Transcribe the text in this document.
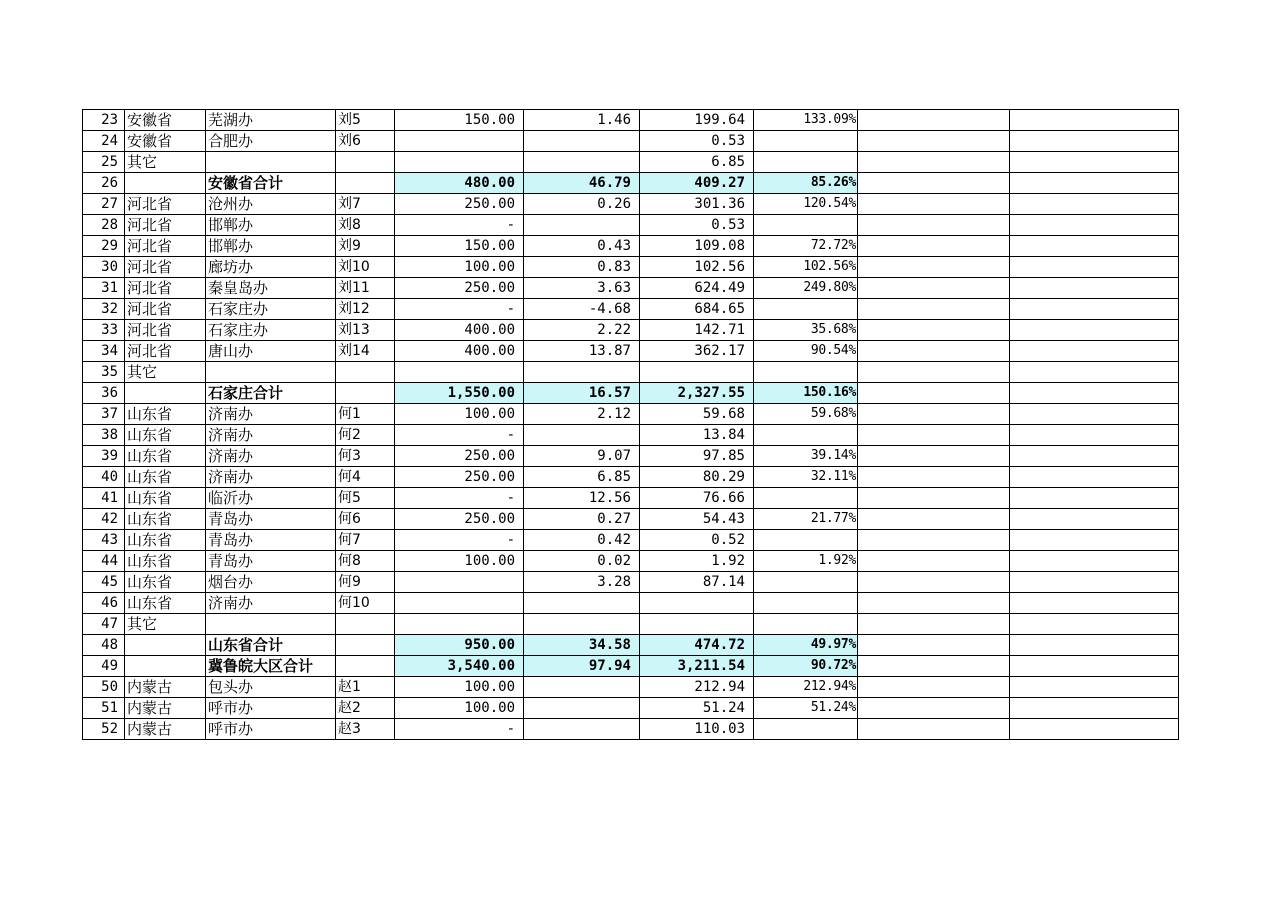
23	安徽省	芜湖办	刘5	150.00	1.46	199.64	133.09%		
24	安徽省	合肥办	刘6			0.53			
25	其它					6.85			
26		安徽省合计		480.00	46.79	409.27	85.26%		
27	河北省	沧州办	刘7	250.00	0.26	301.36	120.54%		
28	河北省	邯郸办	刘8	-		0.53			
29	河北省	邯郸办	刘9	150.00	0.43	109.08	72.72%		
30	河北省	廊坊办	刘10	100.00	0.83	102.56	102.56%		
31	河北省	秦皇岛办	刘11	250.00	3.63	624.49	249.80%		
32	河北省	石家庄办	刘12	-	-4.68	684.65			
33	河北省	石家庄办	刘13	400.00	2.22	142.71	35.68%		
34	河北省	唐山办	刘14	400.00	13.87	362.17	90.54%		
35	其它								
36		石家庄合计		1,550.00	16.57	2,327.55	150.16%		
37	山东省	济南办	何1	100.00	2.12	59.68	59.68%		
38	山东省	济南办	何2	-		13.84			
39	山东省	济南办	何3	250.00	9.07	97.85	39.14%		
40	山东省	济南办	何4	250.00	6.85	80.29	32.11%		
41	山东省	临沂办	何5	-	12.56	76.66			
42	山东省	青岛办	何6	250.00	0.27	54.43	21.77%		
43	山东省	青岛办	何7	-	0.42	0.52			
44	山东省	青岛办	何8	100.00	0.02	1.92	1.92%		
45	山东省	烟台办	何9		3.28	87.14			
46	山东省	济南办	何10						
47	其它								
48		山东省合计		950.00	34.58	474.72	49.97%		
49		冀鲁皖大区合计		3,540.00	97.94	3,211.54	90.72%		
50	内蒙古	包头办	赵1	100.00		212.94	212.94%		
51	内蒙古	呼市办	赵2	100.00		51.24	51.24%		
52	内蒙古	呼市办	赵3	-		110.03			
